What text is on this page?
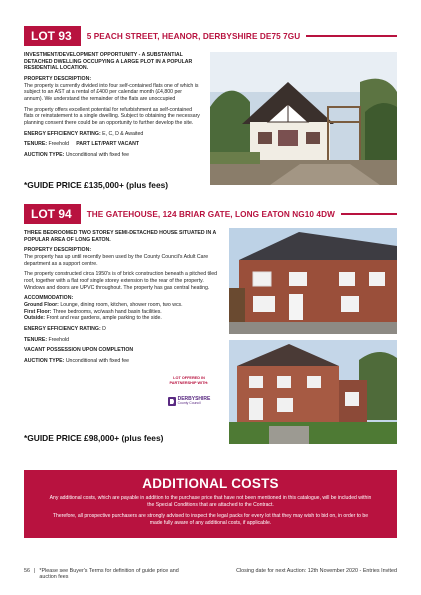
LOT 93	5 PEACH STREET, HEANOR, DERBYSHIRE DE75 7GU

INVESTMENT/DEVELOPMENT OPPORTUNITY - A SUBSTANTIAL DETACHED DWELLING OCCUPYING A LARGE PLOT IN A POPULAR RESIDENTIAL LOCATION.

PROPERTY DESCRIPTION:

The property is currently divided into four self-contained flats one of which is subject to an AST at a rental of £400 per calendar month (£4,800 per annum). We understand the remainder of the flats are unoccupied

The property offers excellent potential for refurbishment as self-contained flats or reinstatement to a single dwelling. Subject to obtaining the necessary planning consent there could be an opportunity to further develop the site.

ENERGY EFFICIENCY RATING: E, C, D & Awaited

TENURE: Freehold PART LET/PART VACANT

AUCTION TYPE: Unconditional with fixed fee

*GUIDE PRICE £135,000+ (plus fees)
LOT 94	THE GATEHOUSE, 124 BRIAR GATE, LONG EATON NG10 4DW

THREE BEDROOMED TWO STOREY SEMI-DETACHED HOUSE SITUATED IN A POPULAR AREA OF LONG EATON.

PROPERTY DESCRIPTION:

The property has up until recently been used by the County Council's Adult Care department as a support centre.

The property constructed circa 1950's is of brick construction beneath a pitched tiled roof, together with a flat roof single storey extension to the rear of the property. Windows and doors are UPVC throughout. The property has gas central heating.

ACCOMMODATION:

Ground Floor: Lounge, dining room, kitchen, shower room, two wcs.
First Floor: Three bedrooms, wc/wash hand basin facilities.
Outside: Front and rear gardens, ample parking to the side.

ENERGY EFFICIENCY RATING: D

TENURE: Freehold

VACANT POSSESSION UPON COMPLETION

AUCTION TYPE: Unconditional with fixed fee

*GUIDE PRICE £98,000+ (plus fees)
LOT OFFERED IN PARTNERSHIP WITH:
DERBYSHIRE
County Council
ADDITIONAL COSTS

Any additional costs, which are payable in addition to the purchase price that have not been mentioned in this catalogue, will be included within the Special Conditions that are attached to the Contract.

Therefore, all prospective purchasers are strongly advised to inspect the legal packs for every lot that they may wish to bid on, in order to be made fully aware of any additional costs, if applicable.

56 | *Please see Buyer's Terms for definition of guide price and auction fees
Closing date for next Auction: 12th November 2020 - Entries Invited
